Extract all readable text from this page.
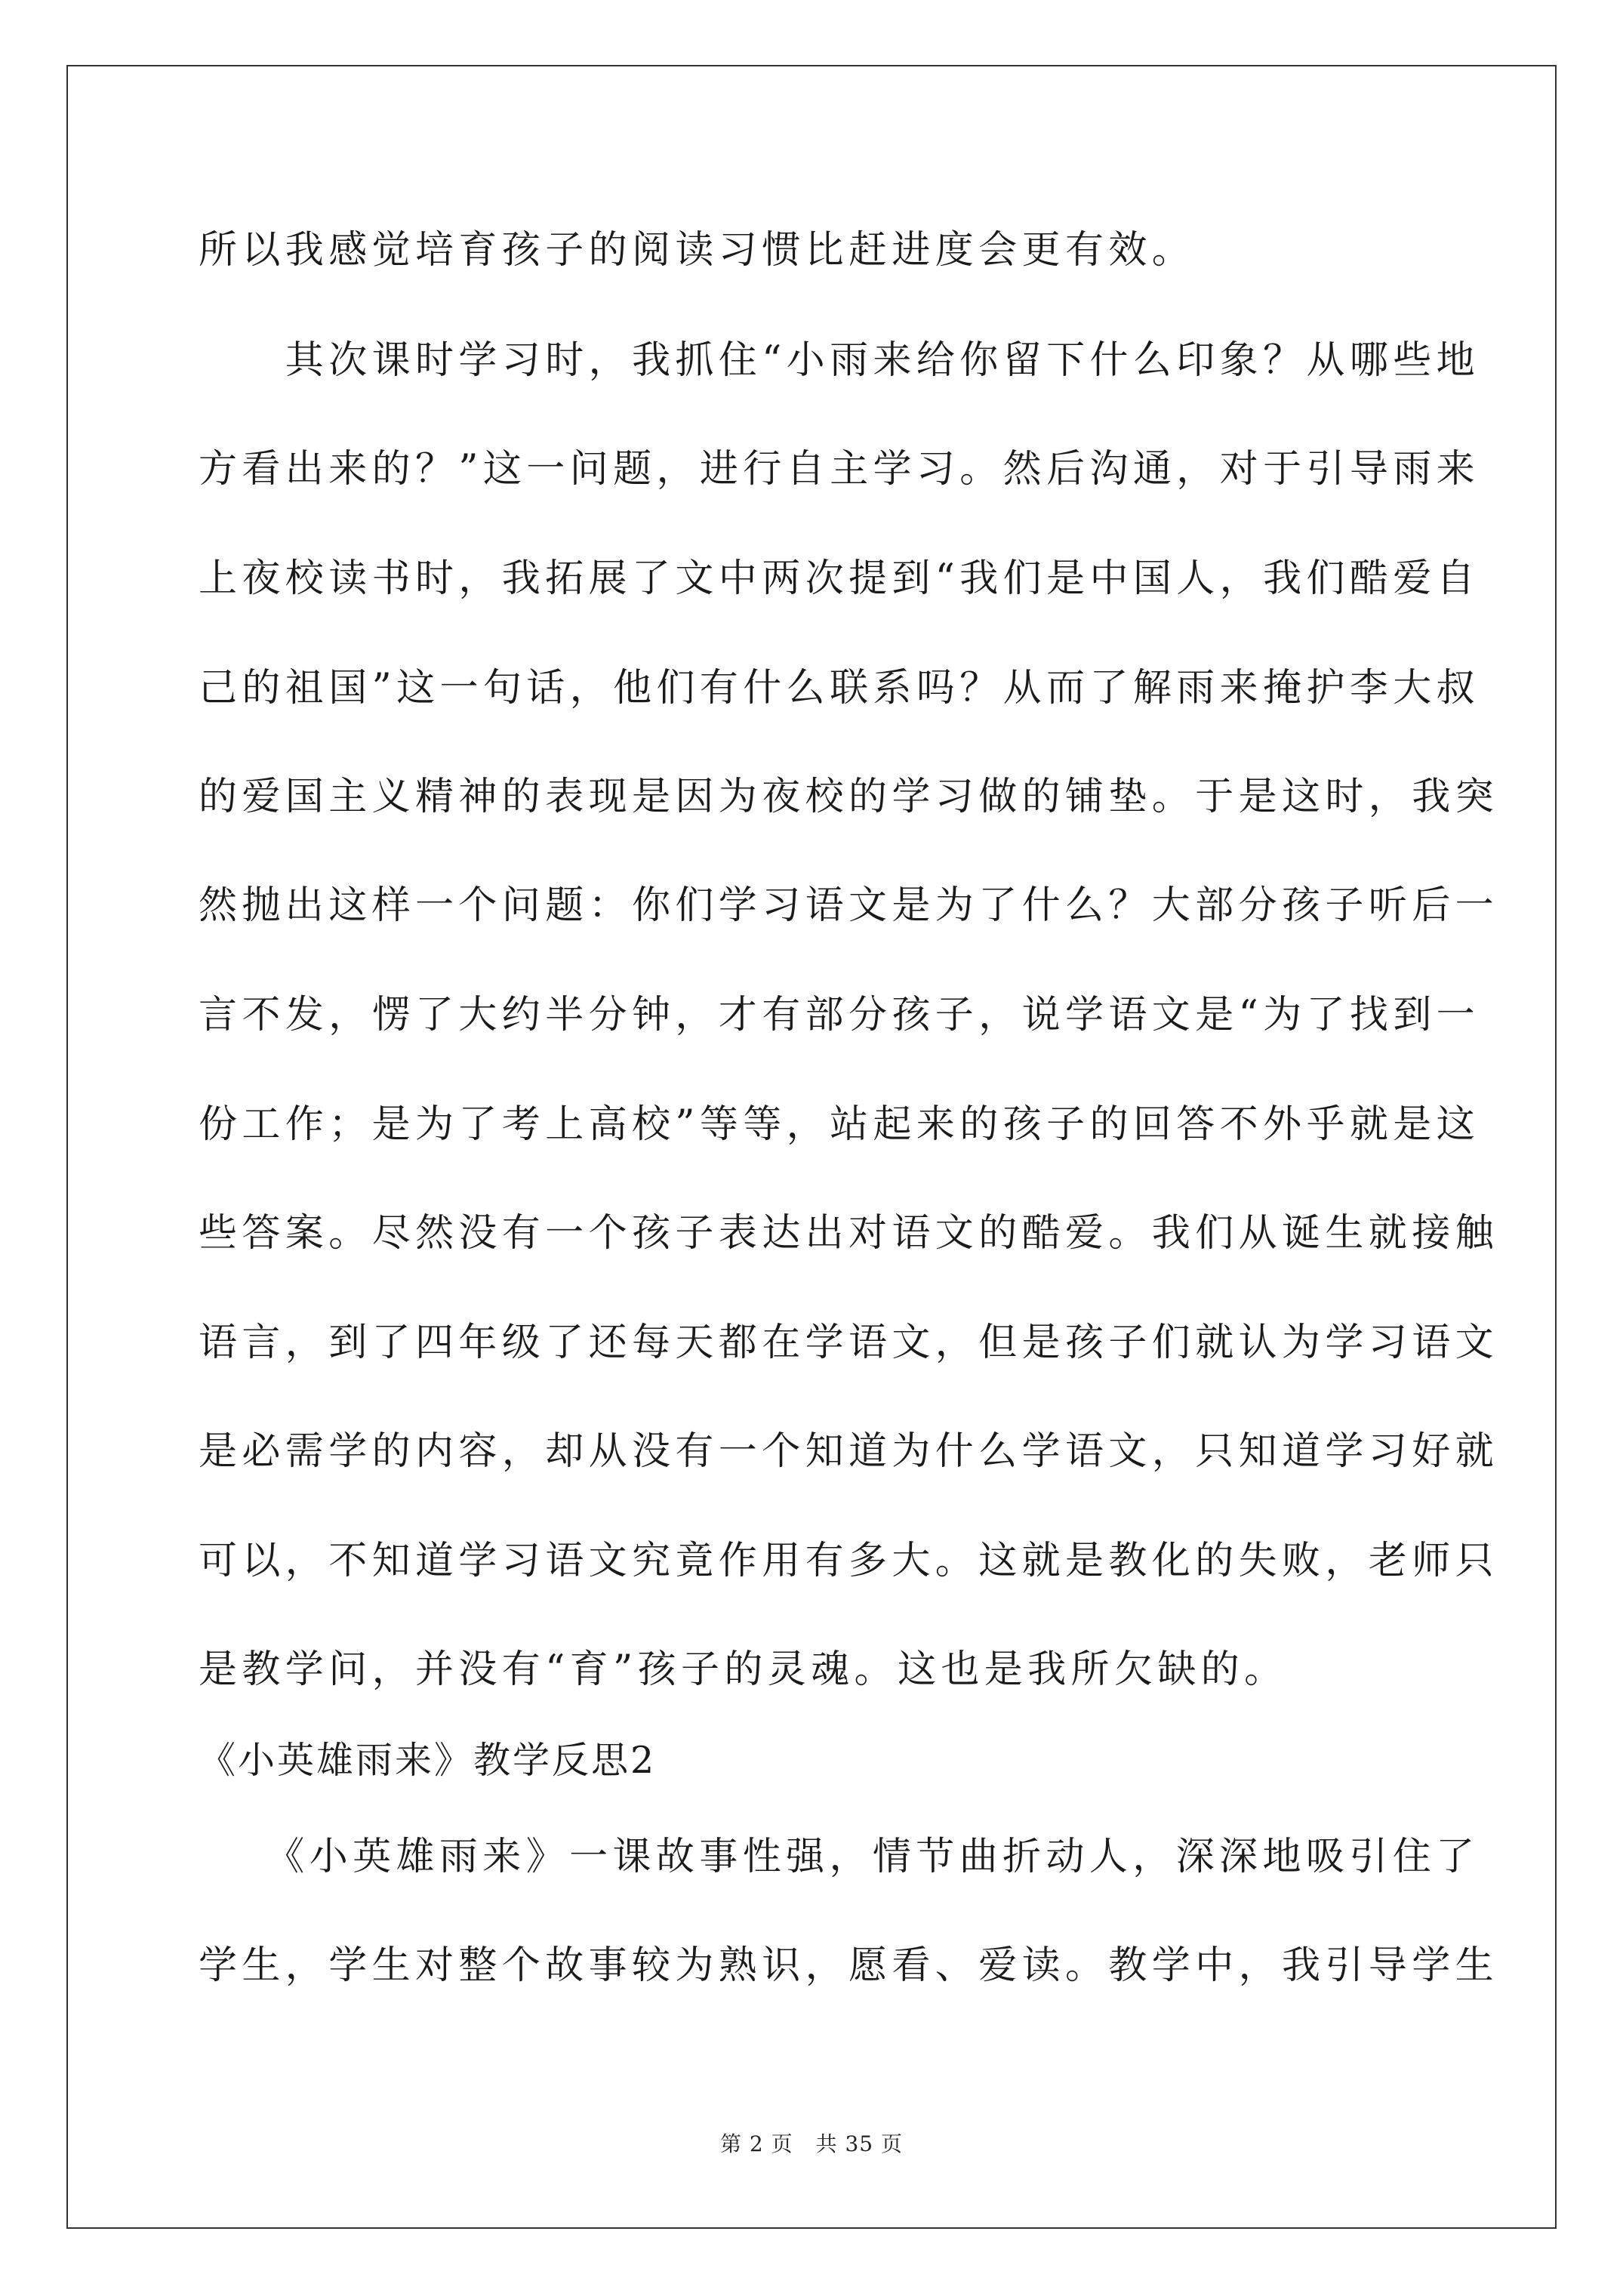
所以我感觉培育孩子的阅读习惯比赶进度会更有效。
　　其次课时学习时，我抓住“小雨来给你留下什么印象？从哪些地
方看出来的？”这一问题，进行自主学习。然后沟通，对于引导雨来
上夜校读书时，我拓展了文中两次提到“我们是中国人，我们酷爱自
己的祖国”这一句话，他们有什么联系吗？从而了解雨来掩护李大叔
的爱国主义精神的表现是因为夜校的学习做的铺垫。于是这时，我突
然抛出这样一个问题：你们学习语文是为了什么？大部分孩子听后一
言不发，愣了大约半分钟，才有部分孩子，说学语文是“为了找到一
份工作；是为了考上高校”等等，站起来的孩子的回答不外乎就是这
些答案。尽然没有一个孩子表达出对语文的酷爱。我们从诞生就接触
语言，到了四年级了还每天都在学语文，但是孩子们就认为学习语文
是必需学的内容，却从没有一个知道为什么学语文，只知道学习好就
可以，不知道学习语文究竟作用有多大。这就是教化的失败，老师只
是教学问，并没有“育”孩子的灵魂。这也是我所欠缺的。
《小英雄雨来》教学反思2
　　《小英雄雨来》一课故事性强，情节曲折动人，深深地吸引住了
学生，学生对整个故事较为熟识，愿看、爱读。教学中，我引导学生
第 2 页 共 35 页
